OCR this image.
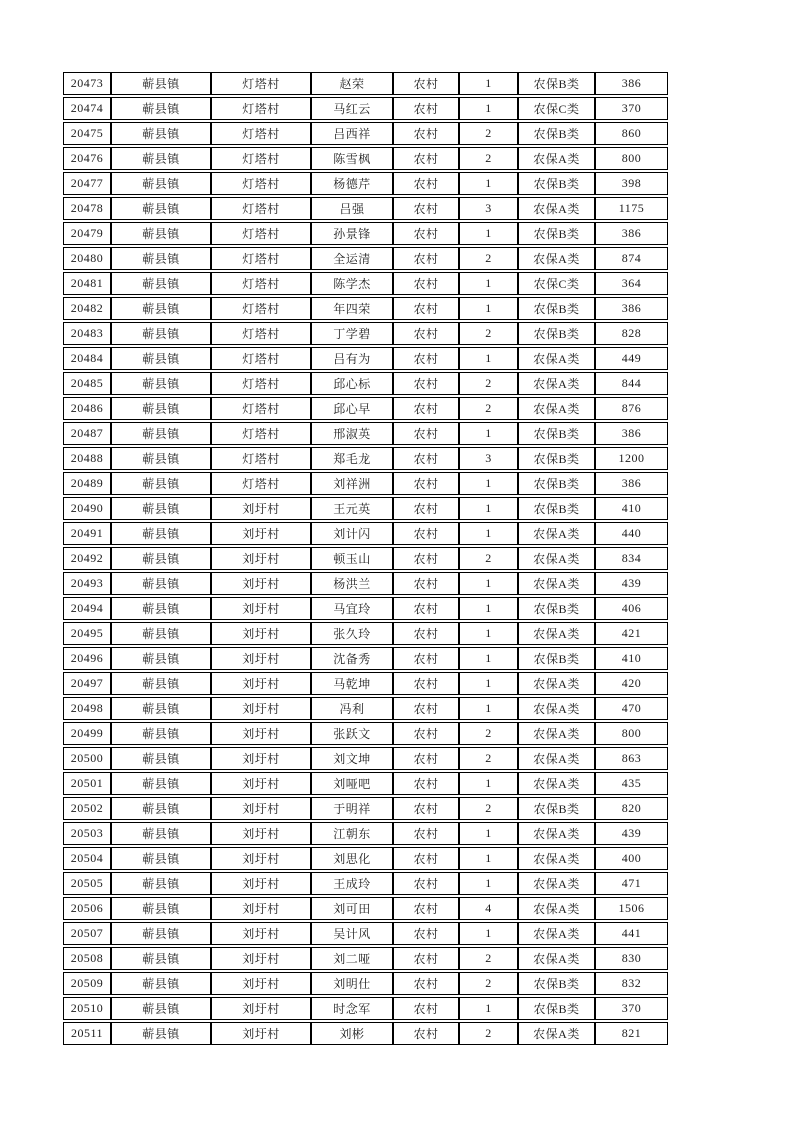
20473	蕲县镇	灯塔村	赵荣	农村	1	农保B类	386
20474	蕲县镇	灯塔村	马红云	农村	1	农保C类	370
20475	蕲县镇	灯塔村	吕西祥	农村	2	农保B类	860
20476	蕲县镇	灯塔村	陈雪枫	农村	2	农保A类	800
20477	蕲县镇	灯塔村	杨德芹	农村	1	农保B类	398
20478	蕲县镇	灯塔村	吕强	农村	3	农保A类	1175
20479	蕲县镇	灯塔村	孙景锋	农村	1	农保B类	386
20480	蕲县镇	灯塔村	全运清	农村	2	农保A类	874
20481	蕲县镇	灯塔村	陈学杰	农村	1	农保C类	364
20482	蕲县镇	灯塔村	年四荣	农村	1	农保B类	386
20483	蕲县镇	灯塔村	丁学碧	农村	2	农保B类	828
20484	蕲县镇	灯塔村	吕有为	农村	1	农保A类	449
20485	蕲县镇	灯塔村	邱心标	农村	2	农保A类	844
20486	蕲县镇	灯塔村	邱心早	农村	2	农保A类	876
20487	蕲县镇	灯塔村	邢淑英	农村	1	农保B类	386
20488	蕲县镇	灯塔村	郑毛龙	农村	3	农保B类	1200
20489	蕲县镇	灯塔村	刘祥洲	农村	1	农保B类	386
20490	蕲县镇	刘圩村	王元英	农村	1	农保B类	410
20491	蕲县镇	刘圩村	刘计闪	农村	1	农保A类	440
20492	蕲县镇	刘圩村	顿玉山	农村	2	农保A类	834
20493	蕲县镇	刘圩村	杨洪兰	农村	1	农保A类	439
20494	蕲县镇	刘圩村	马宜玲	农村	1	农保B类	406
20495	蕲县镇	刘圩村	张久玲	农村	1	农保A类	421
20496	蕲县镇	刘圩村	沈备秀	农村	1	农保B类	410
20497	蕲县镇	刘圩村	马乾坤	农村	1	农保A类	420
20498	蕲县镇	刘圩村	冯利	农村	1	农保A类	470
20499	蕲县镇	刘圩村	张跃文	农村	2	农保A类	800
20500	蕲县镇	刘圩村	刘文坤	农村	2	农保A类	863
20501	蕲县镇	刘圩村	刘哑吧	农村	1	农保A类	435
20502	蕲县镇	刘圩村	于明祥	农村	2	农保B类	820
20503	蕲县镇	刘圩村	江朝东	农村	1	农保A类	439
20504	蕲县镇	刘圩村	刘思化	农村	1	农保A类	400
20505	蕲县镇	刘圩村	王成玲	农村	1	农保A类	471
20506	蕲县镇	刘圩村	刘可田	农村	4	农保A类	1506
20507	蕲县镇	刘圩村	吴计风	农村	1	农保A类	441
20508	蕲县镇	刘圩村	刘二哑	农村	2	农保A类	830
20509	蕲县镇	刘圩村	刘明仕	农村	2	农保B类	832
20510	蕲县镇	刘圩村	时念军	农村	1	农保B类	370
20511	蕲县镇	刘圩村	刘彬	农村	2	农保A类	821
